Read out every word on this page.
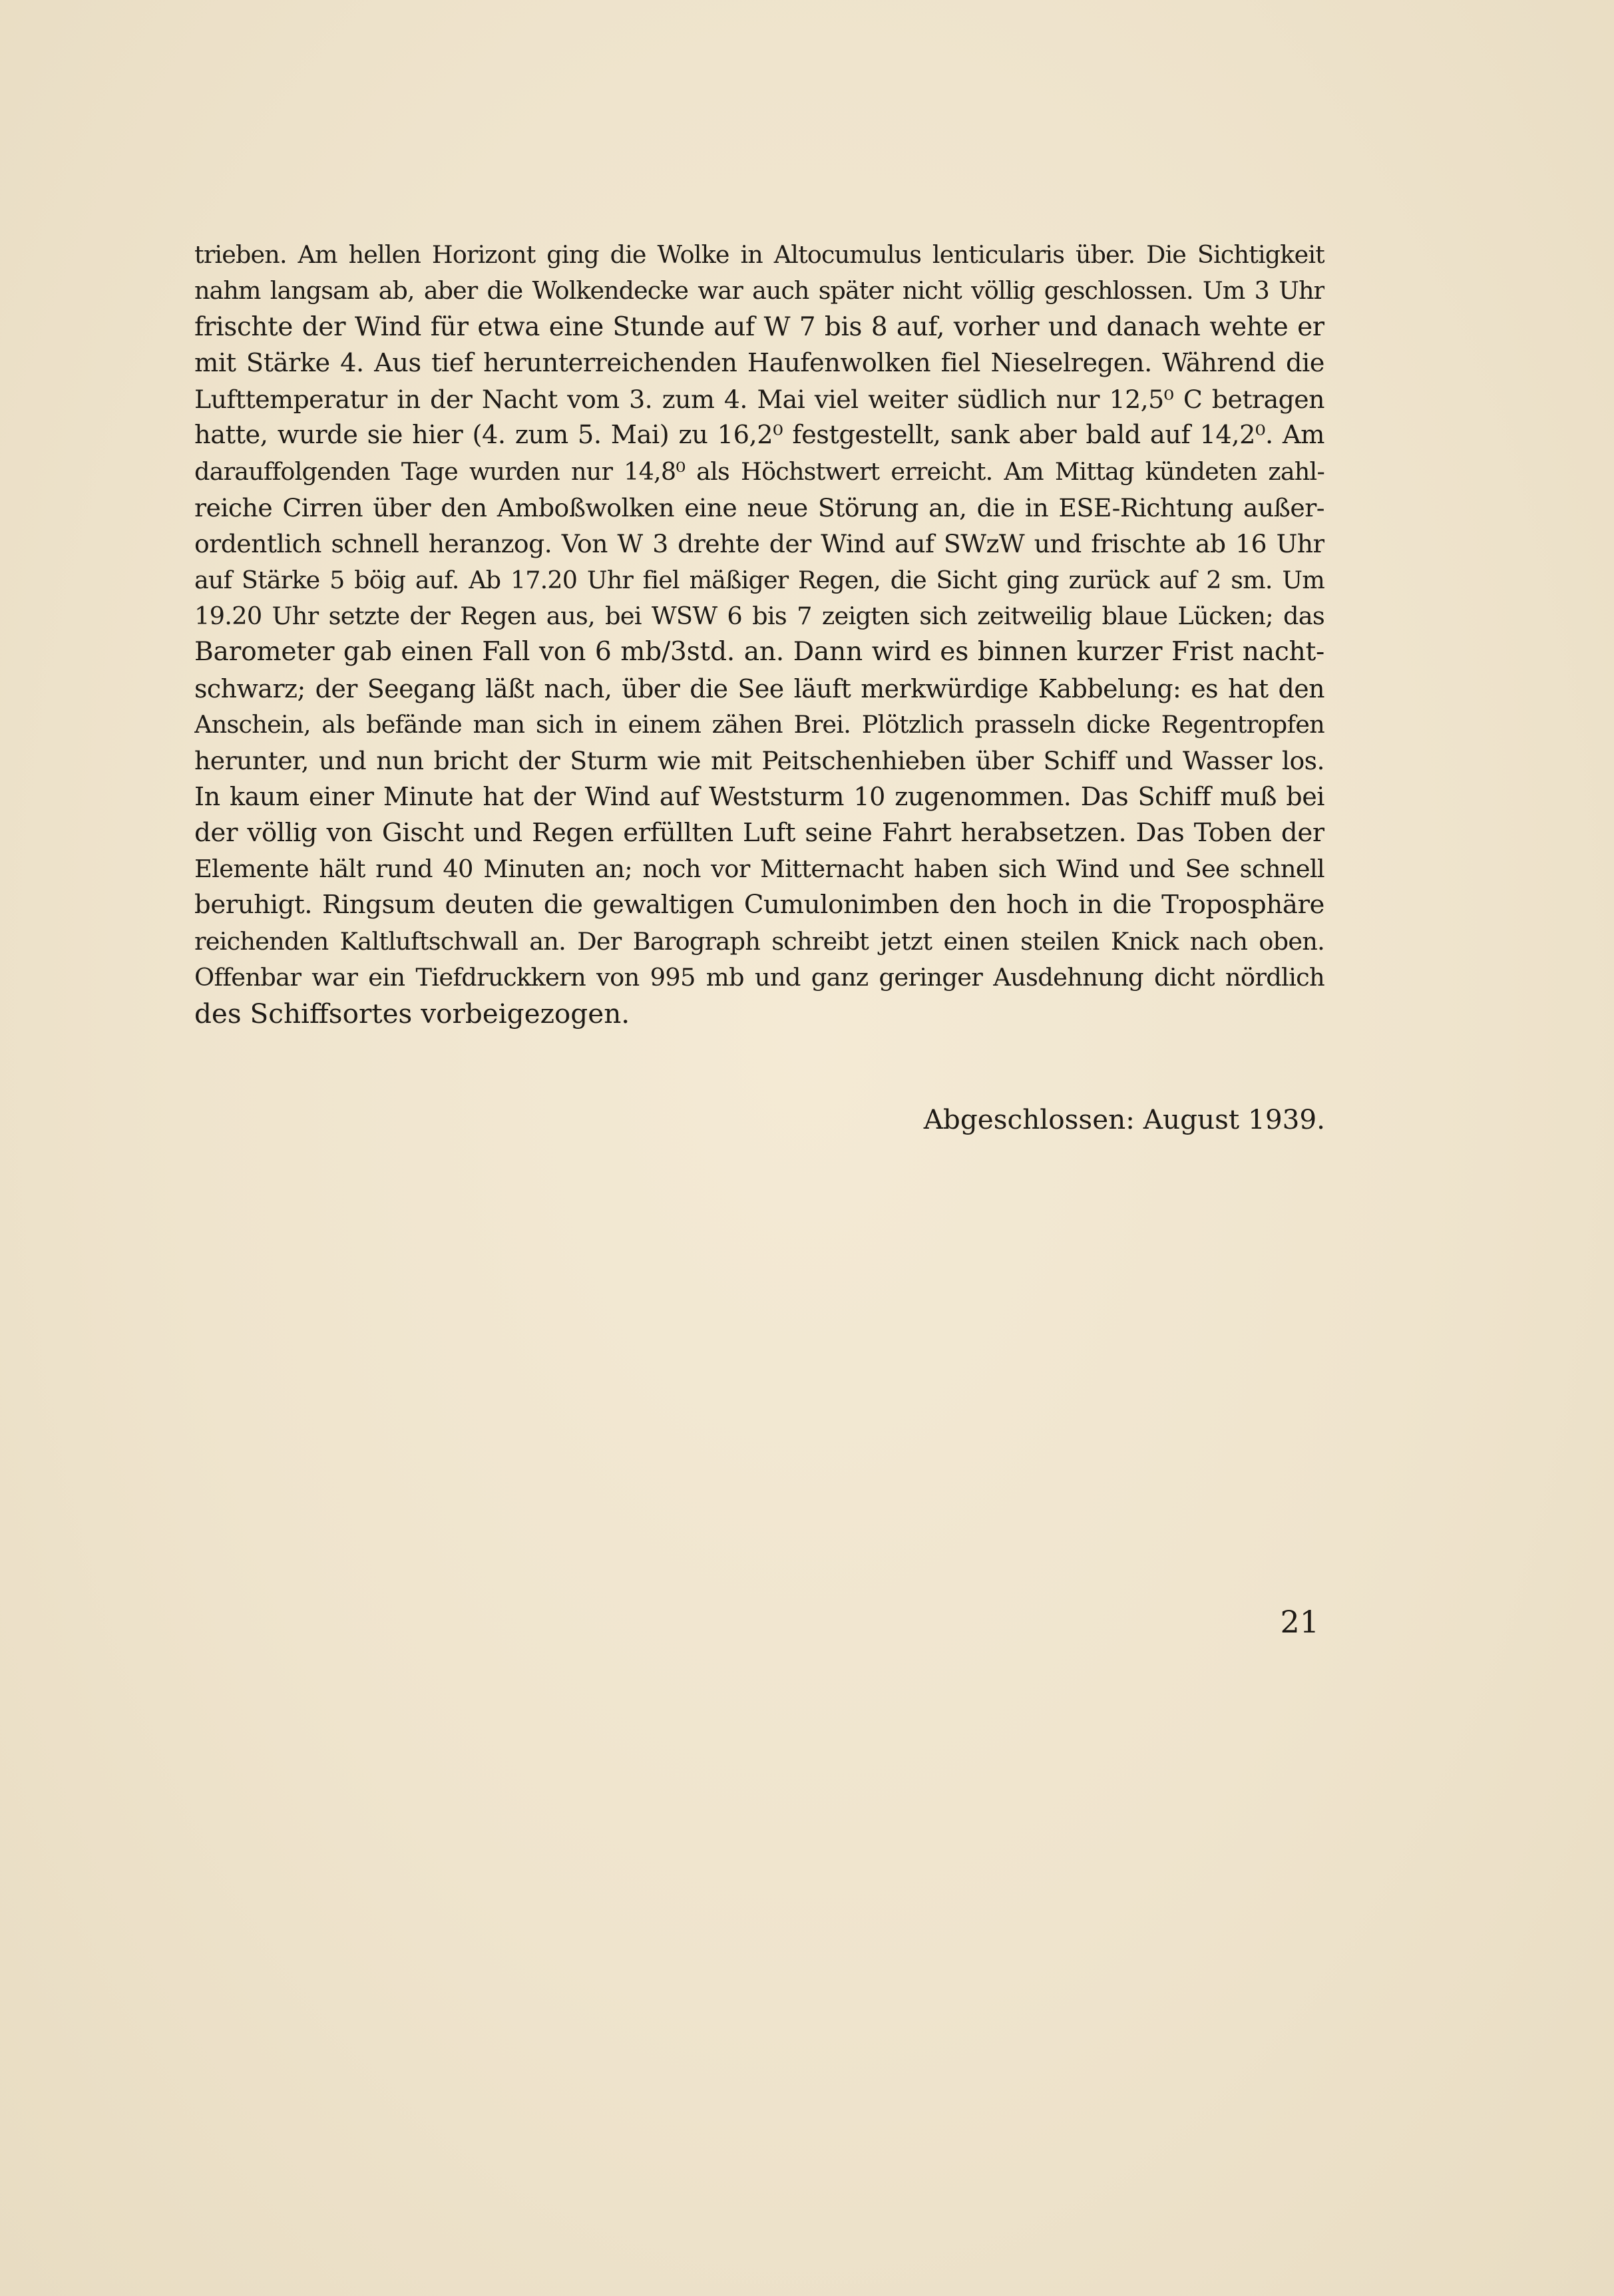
trieben. Am hellen Horizont ging die Wolke in Altocumulus lenticularis über. Die Sichtigkeit
nahm langsam ab, aber die Wolkendecke war auch später nicht völlig geschlossen. Um 3 Uhr
frischte der Wind für etwa eine Stunde auf W 7 bis 8 auf, vorher und danach wehte er
mit Stärke 4. Aus tief herunterreichenden Haufenwolken fiel Nieselregen. Während die
Lufttemperatur in der Nacht vom 3. zum 4. Mai viel weiter südlich nur 12,5⁰ C betragen
hatte, wurde sie hier (4. zum 5. Mai) zu 16,2⁰ festgestellt, sank aber bald auf 14,2⁰. Am
darauffolgenden Tage wurden nur 14,8⁰ als Höchstwert erreicht. Am Mittag kündeten zahl-
reiche Cirren über den Amboßwolken eine neue Störung an, die in ESE-Richtung außer-
ordentlich schnell heranzog. Von W 3 drehte der Wind auf SWzW und frischte ab 16 Uhr
auf Stärke 5 böig auf. Ab 17.20 Uhr fiel mäßiger Regen, die Sicht ging zurück auf 2 sm. Um
19.20 Uhr setzte der Regen aus, bei WSW 6 bis 7 zeigten sich zeitweilig blaue Lücken; das
Barometer gab einen Fall von 6 mb/3std. an. Dann wird es binnen kurzer Frist nacht-
schwarz; der Seegang läßt nach, über die See läuft merkwürdige Kabbelung: es hat den
Anschein, als befände man sich in einem zähen Brei. Plötzlich prasseln dicke Regentropfen
herunter, und nun bricht der Sturm wie mit Peitschenhieben über Schiff und Wasser los.
In kaum einer Minute hat der Wind auf Weststurm 10 zugenommen. Das Schiff muß bei
der völlig von Gischt und Regen erfüllten Luft seine Fahrt herabsetzen. Das Toben der
Elemente hält rund 40 Minuten an; noch vor Mitternacht haben sich Wind und See schnell
beruhigt. Ringsum deuten die gewaltigen Cumulonimben den hoch in die Troposphäre
reichenden Kaltluftschwall an. Der Barograph schreibt jetzt einen steilen Knick nach oben.
Offenbar war ein Tiefdruckkern von 995 mb und ganz geringer Ausdehnung dicht nördlich
des Schiffsortes vorbeigezogen.
Abgeschlossen: August 1939.
21
